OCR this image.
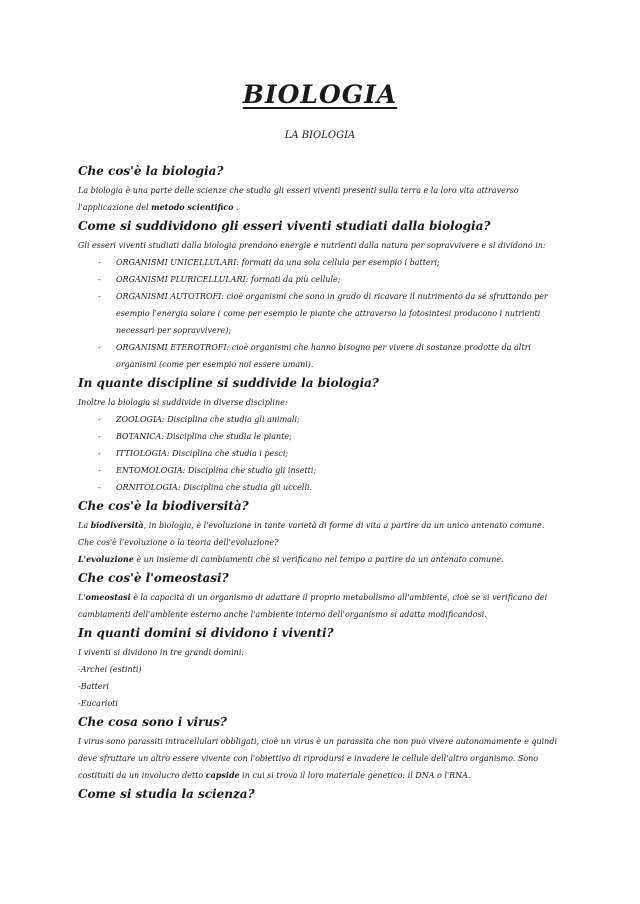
BIOLOGIA
LA BIOLOGIA
Che cos'è la biologia?

La biologia è una parte delle scienze che studia gli esseri viventi presenti sulla terra e la loro vita attraverso l'applicazione del metodo scientifico .

Come si suddividono gli esseri viventi studiati dalla biologia?

Gli esseri viventi studiati dalla biologia prendono energie e nutrienti dalla natura per sopravvivere e si dividono in:

- ORGANISMI UNICELLULARI: formati da una sola cellula per esempio i batteri;
- ORGANISMI PLURICELLULARI: formati da più cellule;
- ORGANISMI AUTOTROFI: cioè organismi che sono in grado di ricavare il nutrimento da sé sfruttando per esempio l'energia solare ( come per esempio le piante che attraverso la fotosintesi producono i nutrienti necessari per sopravvivere);
- ORGANISMI ETEROTROFI: cioè organismi che hanno bisogno per vivere di sostanze prodotte da altri organismi (come per esempio noi essere umani).
In quante discipline si suddivide la biologia?

Inoltre la biologia si suddivide in diverse discipline:

- ZOOLOGIA: Disciplina che studia gli animali;
- BOTANICA: Disciplina che studia le piante;
- ITTIOLOGIA: Disciplina che studia i pesci;
- ENTOMOLOGIA: Disciplina che studia gli insetti;
- ORNITOLOGIA: Disciplina che studia gli uccelli.
Che cos'è la biodiversità?

La biodiversità, in biologia, è l'evoluzione in tante varietà di forme di vita a partire da un unico antenato comune.

Che cos'è l'evoluzione o la teoria dell'evoluzione?

L'evoluzione è un insieme di cambiamenti che si verificano nel tempo a partire da un antenato comune.

Che cos'è l'omeostasi?

L'omeostasi è la capacità di un organismo di adattare il proprio metabolismo all'ambiente, cioè se si verificano dei cambiamenti dell'ambiente esterno anche l'ambiente interno dell'organismo si adatta modificandosi.

In quanti domini si dividono i viventi?

I viventi si dividono in tre grandi domini:

-Archei (estinti)

-Batteri

-Eucarioti

Che cosa sono i virus?

I virus sono parassiti intracellulari obbligati, cioè un virus è un parassita che non può vivere autonomamente e quindi deve sfruttare un altro essere vivente con l'obiettivo di riprodursi e invadere le cellule dell'altro organismo. Sono costituiti da un involucro detto capside in cui si trova il loro materiale genetico: il DNA o l'RNA.

Come si studia la scienza?
